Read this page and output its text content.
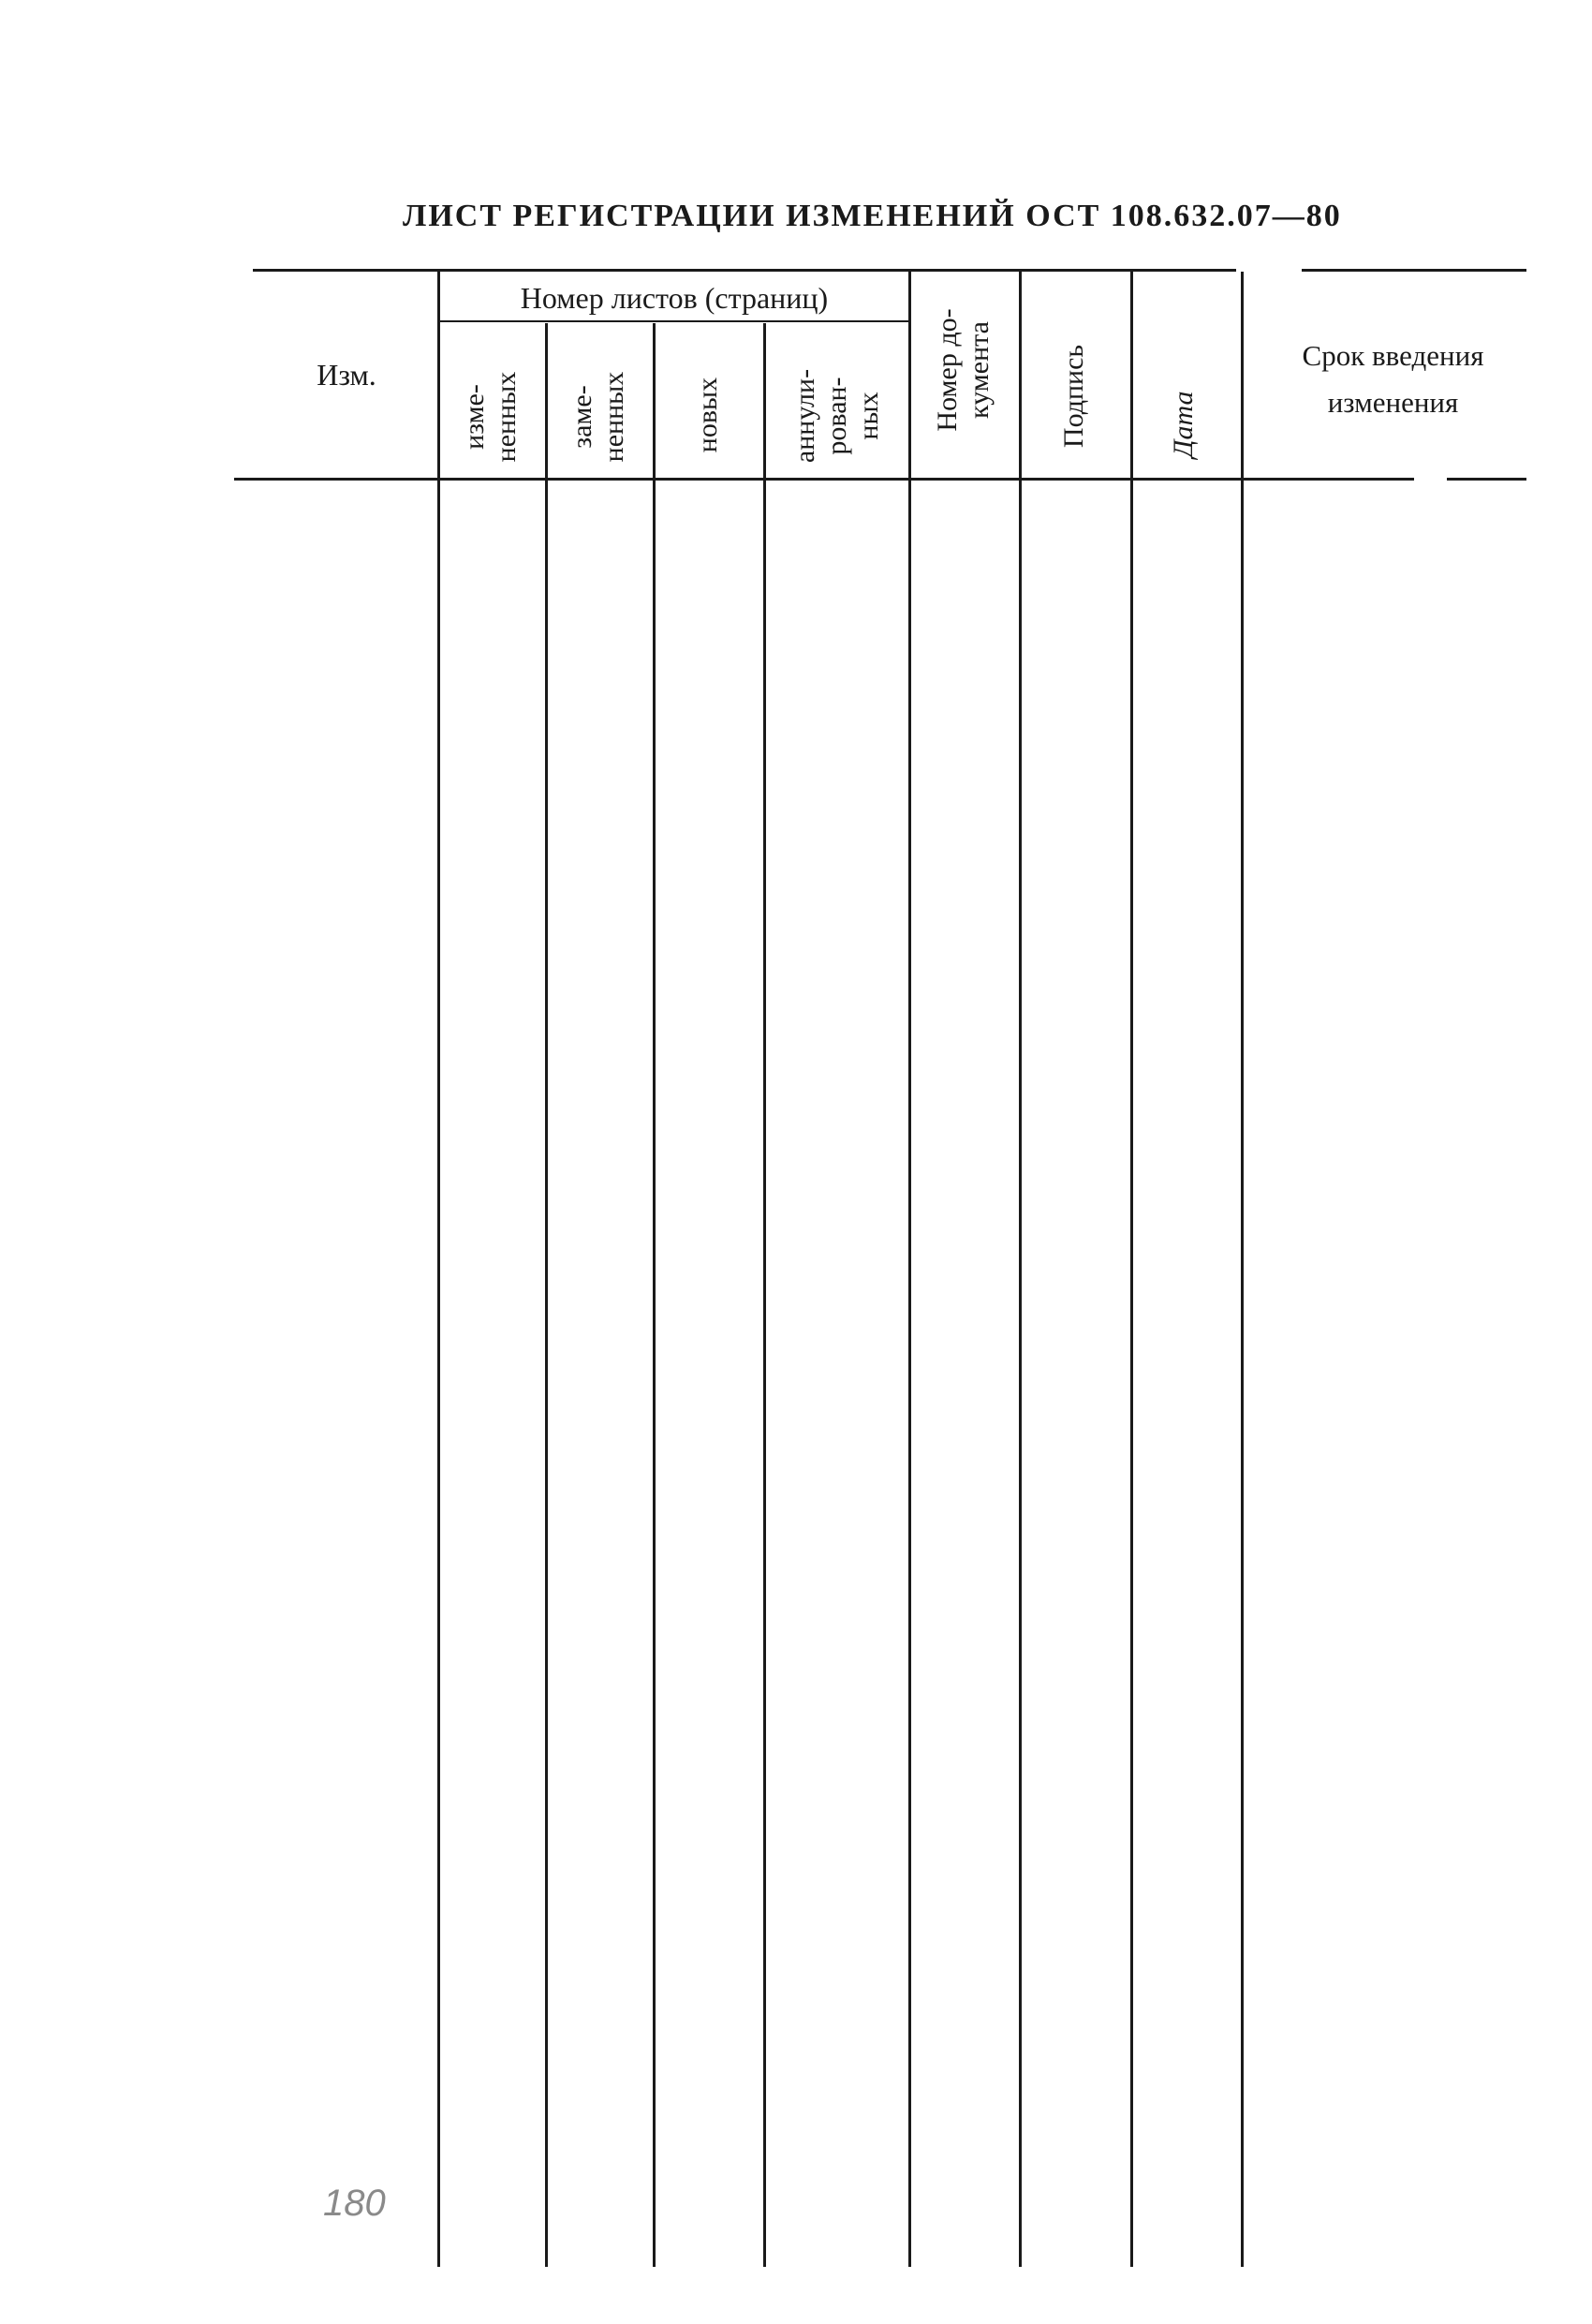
ЛИСТ РЕГИСТРАЦИИ ИЗМЕНЕНИЙ ОСТ 108.632.07—80
Изм.
Номер листов (страниц)
изме-
ненных заме-
ненных новых аннули-
рован-
ных Номер до-
кумента Подпись	Дата
Срок введения
изменения
180
